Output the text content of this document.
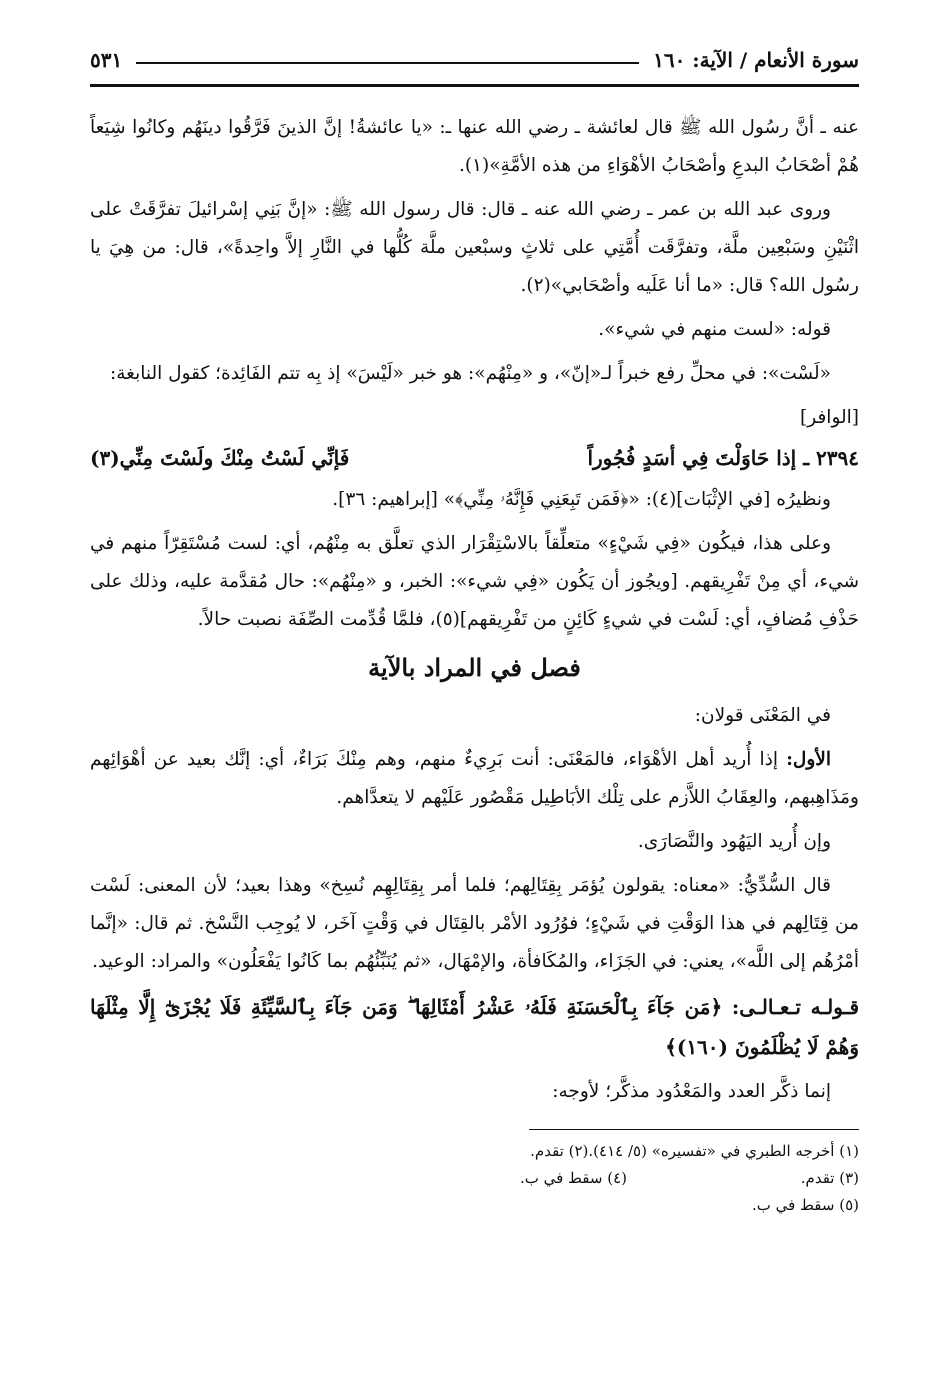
سورة الأنعام / الآية: ١٦٠
٥٣١

عنه ـ أنَّ رسُول الله ﷺ قال لعائشة ـ رضي الله عنها ـ: «يا عائشةُ! إنَّ الذينَ فَرَّقُوا دينَهُم وكانُوا شِيَعاً هُمْ أصْحَابُ البدعِ وأصْحَابُ الأهْوَاءِ من هذه الأمَّةِ»(١).

وروى عبد الله بن عمر ـ رضي الله عنه ـ قال: قال رسول الله ﷺ: «إنَّ بَنِي إسْرائيلَ تفرَّقَتْ على اثْنَيْنِ وسَبْعِين ملَّة، وتفرَّقَت أُمَّتِي على ثلاثٍ وسبْعين ملَّة كُلُّها في النَّارِ إلاَّ واحِدةً»، قال: من هِيَ يا رسُول الله؟ قال: «ما أنا عَلَيه وأصْحَابي»(٢).

قوله: «لست منهم في شيء».

«لَسْت»: في محلِّ رفع خبراً لـ«إنّ»، و «مِنْهُم»: هو خبر «لَيْسَ» إذ بِه تتم الفَائِدة؛ كقول النابغة:

[الوافر]
٢٣٩٤ ـ إذا حَاوَلْتَ فِي أسَدٍ فُجُوراً
فَإنِّي لَسْتُ مِنْكَ ولَسْتَ مِنِّي(٣)

ونظيرُه [في الإثْبَات](٤): «﴿فَمَن تَبِعَنِي فَإِنَّهُۥ مِنِّي﴾» [إبراهيم: ٣٦].

وعلى هذا، فيكُون «فِي شَيْءٍ» متعلِّقاً بالاسْتِقْرَار الذي تعلَّق به مِنْهُم، أي: لست مُسْتَقِرّاً منهم في شيء، أي مِنْ تَفْرِيقهم. [ويجُوز أن يَكُون «فِي شيء»: الخبر، و «مِنْهُم»: حال مُقدَّمة عليه، وذلك على حَذْفِ مُضافٍ، أي: لَسْت في شيءٍ كَائِنٍ من تَفْرِيقهم](٥)، فلمَّا قُدِّمت الصِّفَة نصبت حالاً.

فصل في المراد بالآية

في المَعْنَى قولان:

الأول: إذا أُريد أهل الأهْوَاء، فالمَعْنَى: أنت بَرِيءٌ منهم، وهم مِنْكَ بَرَاءٌ، أي: إنَّك بعيد عن أهْوَائِهم ومَذَاهِبهم، والعِقَابُ اللاَّزم على تِلْك الأبَاطِيل مَقْصُور عَلَيْهم لا يتعدَّاهم.

وإن أُريد اليَهُود والنَّصَارَى.

قال السُّدِّيُّ: «معناه: يقولون يُؤمَر بِقِتَالِهم؛ فلما أمر بِقِتَالِهِم نُسِخ» وهذا بعيد؛ لأن المعنى: لَسْت من قِتَالِهم في هذا الوَقْتِ في شَيْءٍ؛ فوُرُود الأمْر بالقِتَال في وَقْتٍ آخَر، لا يُوجِب النَّسْخ. ثم قال: «إنَّما أمْرُهُم إلى اللَّه»، يعني: في الجَزَاء، والمُكَافأة، والإمْهَال، «ثم يُنَبِّئُهُم بما كَانُوا يَفْعَلُون» والمراد: الوعيد.

قـولـه تـعـالـى: ﴿مَن جَآءَ بِٱلْحَسَنَةِ فَلَهُۥ عَشْرُ أَمْثَالِهَا ۖ وَمَن جَآءَ بِٱلسَّيِّئَةِ فَلَا يُجْزَىٰٓ إِلَّا مِثْلَهَا وَهُمْ لَا يُظْلَمُونَ (١٦٠)﴾

إنما ذكَّر العدد والمَعْدُود مذكَّر؛ لأوجه:

(١) أخرجه الطبري في «تفسيره» (٥/ ٤١٤).
(٢) تقدم.
(٣) تقدم.
(٤) سقط في ب.
(٥) سقط في ب.
